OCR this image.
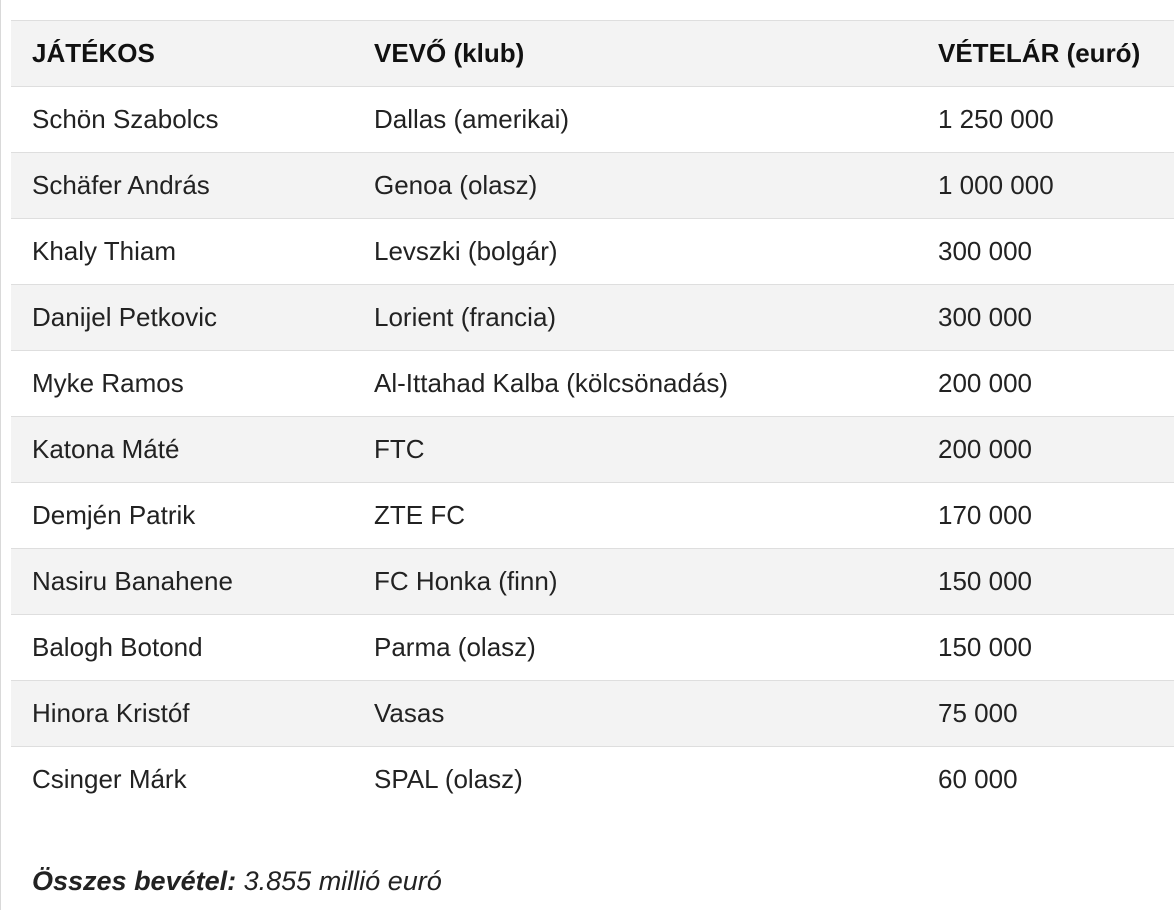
JÁTÉKOS	VEVŐ (klub)	VÉTELÁR (euró)
Schön Szabolcs	Dallas (amerikai)	1 250 000
Schäfer András	Genoa (olasz)	1 000 000
Khaly Thiam	Levszki (bolgár)	300 000
Danijel Petkovic	Lorient (francia)	300 000
Myke Ramos	Al-Ittahad Kalba (kölcsönadás)	200 000
Katona Máté	FTC	200 000
Demjén Patrik	ZTE FC	170 000
Nasiru Banahene	FC Honka (finn)	150 000
Balogh Botond	Parma (olasz)	150 000
Hinora Kristóf	Vasas	75 000
Csinger Márk	SPAL (olasz)	60 000

Összes bevétel: 3.855 millió euró
